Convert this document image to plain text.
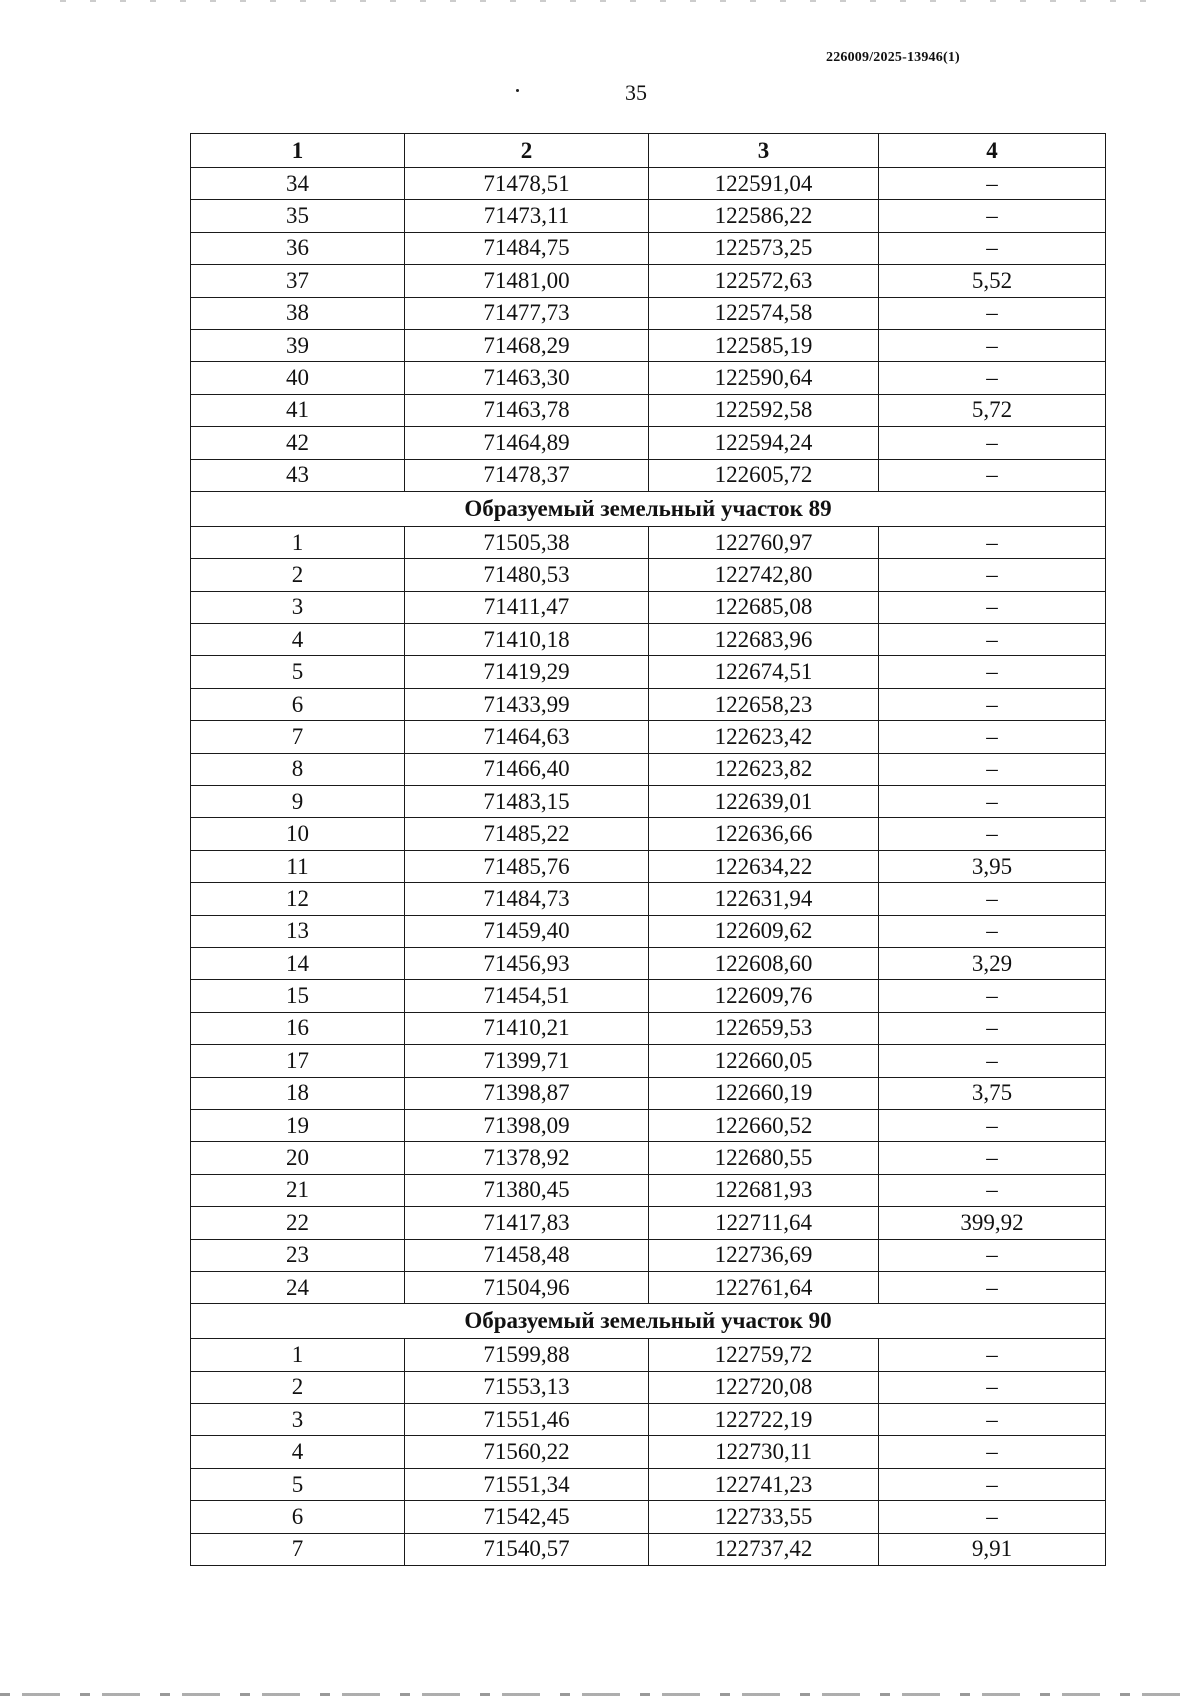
226009/2025-13946(1)
35
1	2	3	4
34	71478,51	122591,04	–
35	71473,11	122586,22	–
36	71484,75	122573,25	–
37	71481,00	122572,63	5,52
38	71477,73	122574,58	–
39	71468,29	122585,19	–
40	71463,30	122590,64	–
41	71463,78	122592,58	5,72
42	71464,89	122594,24	–
43	71478,37	122605,72	–
Образуемый земельный участок 89			
1	71505,38	122760,97	–
2	71480,53	122742,80	–
3	71411,47	122685,08	–
4	71410,18	122683,96	–
5	71419,29	122674,51	–
6	71433,99	122658,23	–
7	71464,63	122623,42	–
8	71466,40	122623,82	–
9	71483,15	122639,01	–
10	71485,22	122636,66	–
11	71485,76	122634,22	3,95
12	71484,73	122631,94	–
13	71459,40	122609,62	–
14	71456,93	122608,60	3,29
15	71454,51	122609,76	–
16	71410,21	122659,53	–
17	71399,71	122660,05	–
18	71398,87	122660,19	3,75
19	71398,09	122660,52	–
20	71378,92	122680,55	–
21	71380,45	122681,93	–
22	71417,83	122711,64	399,92
23	71458,48	122736,69	–
24	71504,96	122761,64	–
Образуемый земельный участок 90			
1	71599,88	122759,72	–
2	71553,13	122720,08	–
3	71551,46	122722,19	–
4	71560,22	122730,11	–
5	71551,34	122741,23	–
6	71542,45	122733,55	–
7	71540,57	122737,42	9,91
